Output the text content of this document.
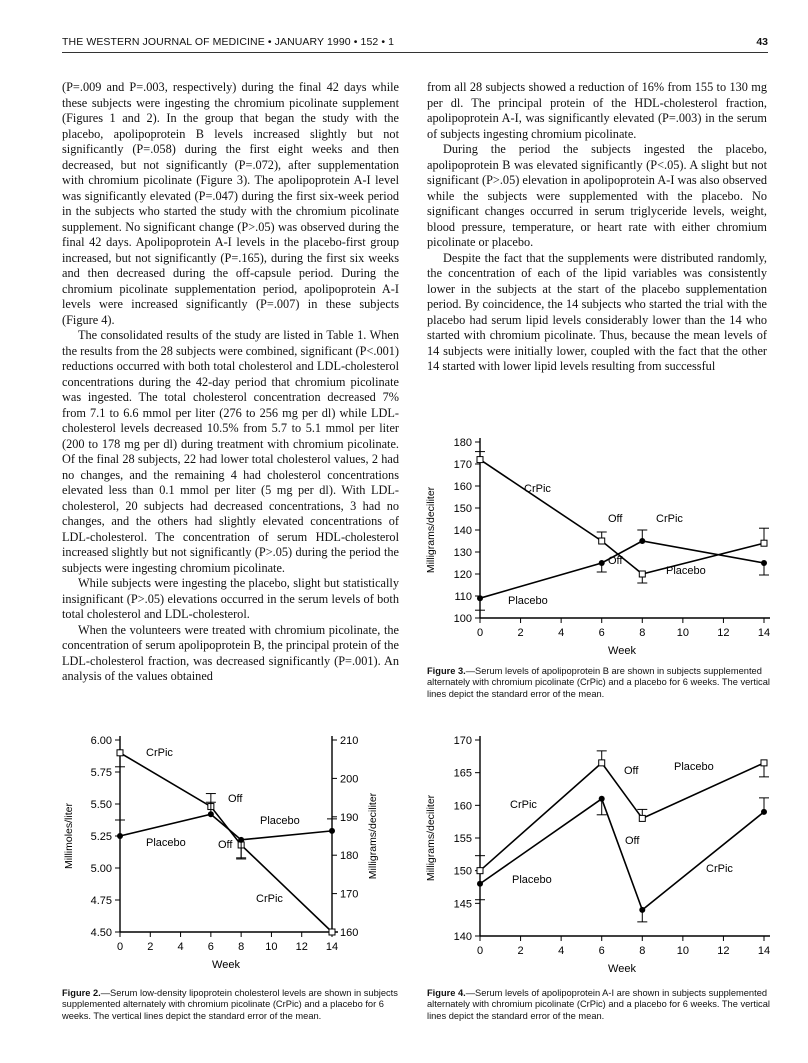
THE WESTERN JOURNAL OF MEDICINE • JANUARY 1990 • 152 • 1	43

(P=.009 and P=.003, respectively) during the final 42 days while these subjects were ingesting the chromium picolinate supplement (Figures 1 and 2). In the group that began the study with the placebo, apolipoprotein B levels increased slightly but not significantly (P=.058) during the first eight weeks and then decreased, but not significantly (P=.072), after supplementation with chromium picolinate (Figure 3). The apolipoprotein A-I level was significantly elevated (P=.047) during the first six-week period in the subjects who started the study with the chromium picolinate supplement. No significant change (P>.05) was observed during the final 42 days. Apolipoprotein A-I levels in the placebo-first group increased, but not significantly (P=.165), during the first six weeks and then decreased during the off-capsule period. During the chromium picolinate supplementation period, apolipoprotein A-I levels were increased significantly (P=.007) in these subjects (Figure 4).

The consolidated results of the study are listed in Table 1. When the results from the 28 subjects were combined, significant (P<.001) reductions occurred with both total cholesterol and LDL-cholesterol concentrations during the 42-day period that chromium picolinate was ingested. The total cholesterol concentration decreased 7% from 7.1 to 6.6 mmol per liter (276 to 256 mg per dl) while LDL-cholesterol levels decreased 10.5% from 5.7 to 5.1 mmol per liter (200 to 178 mg per dl) during treatment with chromium picolinate. Of the final 28 subjects, 22 had lower total cholesterol values, 2 had no changes, and the remaining 4 had cholesterol concentrations elevated less than 0.1 mmol per liter (5 mg per dl). With LDL-cholesterol, 20 subjects had decreased concentrations, 3 had no changes, and the others had slightly elevated concentrations of LDL-cholesterol. The concentration of serum HDL-cholesterol increased slightly but not significantly (P>.05) during the period the subjects were ingesting chromium picolinate.

While subjects were ingesting the placebo, slight but statistically insignificant (P>.05) elevations occurred in the serum levels of both total cholesterol and LDL-cholesterol.

When the volunteers were treated with chromium picolinate, the concentration of serum apolipoprotein B, the principal protein of the LDL-cholesterol fraction, was decreased significantly (P=.001). An analysis of the values obtained

from all 28 subjects showed a reduction of 16% from 155 to 130 mg per dl. The principal protein of the HDL-cholesterol fraction, apolipoprotein A-I, was significantly elevated (P=.003) in the serum of subjects ingesting chromium picolinate.

During the period the subjects ingested the placebo, apolipoprotein B was elevated significantly (P<.05). A slight but not significant (P>.05) elevation in apolipoprotein A-I was also observed while the subjects were supplemented with the placebo. No significant changes occurred in serum triglyceride levels, weight, blood pressure, temperature, or heart rate with either chromium picolinate or placebo.

Despite the fact that the supplements were distributed randomly, the concentration of each of the lipid variables was consistently lower in the subjects at the start of the placebo supplementation period. By coincidence, the 14 subjects who started the trial with the placebo had serum lipid levels considerably lower than the 14 who started with chromium picolinate. Thus, because the mean levels of 14 subjects were initially lower, coupled with the fact that the other 14 started with lower lipid levels resulting from successful

0	2	4	6	8	10	12	14
180
170
160
150
140
130
120
110
100
Week
Milligrams/deciliter	CrPic
Off	CrPic
Off
Placebo
Placebo
Figure 3.—Serum levels of apolipoprotein B are shown in subjects supplemented alternately with chromium picolinate (CrPic) and a placebo for 6 weeks. The vertical lines depict the standard error of the mean.
0 2 4 6 8 10 12 14
6.00
5.75
5.50
5.25
5.00
4.75
4.50
210
200
190
180
170
160
Milligrams/deciliter
Week
Millimoles/liter
CrPic
Off
Placebo
Placebo	Off
CrPic
Figure 2.—Serum low-density lipoprotein cholesterol levels are shown in subjects supplemented alternately with chromium picolinate (CrPic) and a placebo for 6 weeks. The vertical lines depict the standard error of the mean.
0	2	4	6	8	10	12	14
170
165
160
155
150
145
140
Week
Milligrams/deciliter	CrPic
Off	Placebo
Off
Placebo
CrPic
Figure 4.—Serum levels of apolipoprotein A-I are shown in subjects supplemented alternately with chromium picolinate (CrPic) and a placebo for 6 weeks. The vertical lines depict the standard error of the mean.
